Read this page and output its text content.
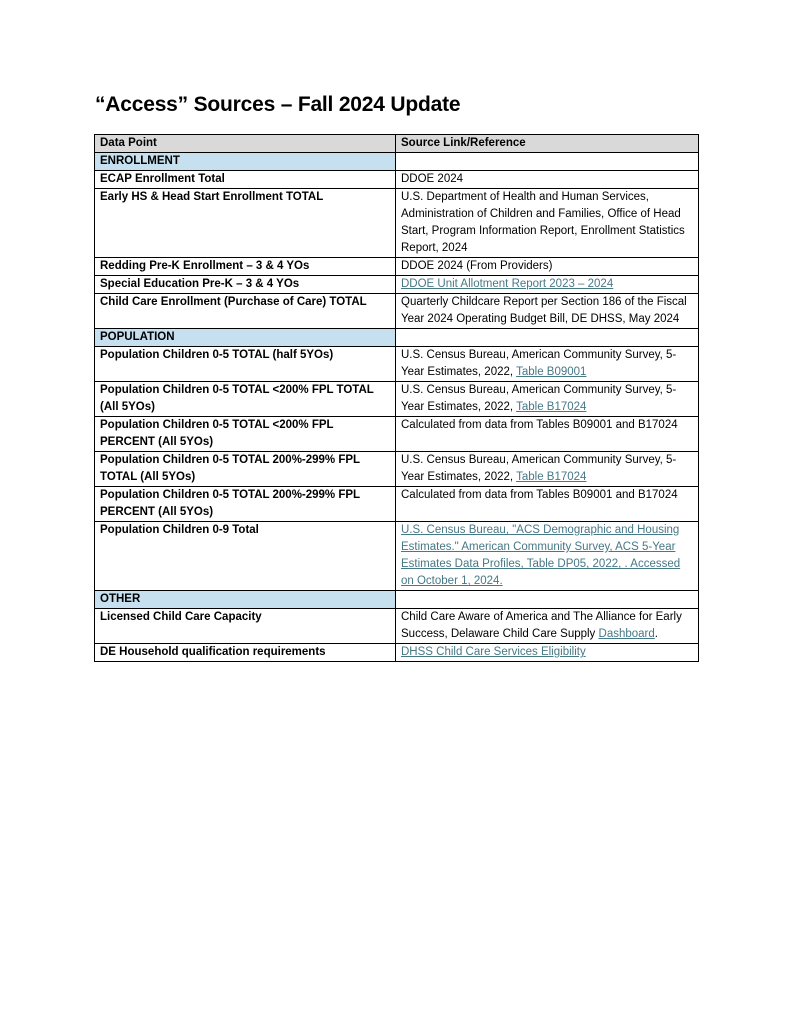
“Access” Sources – Fall 2024 Update
Data Point	Source Link/Reference
ENROLLMENT	
ECAP Enrollment Total	DDOE 2024
Early HS & Head Start Enrollment TOTAL	U.S. Department of Health and Human Services, Administration of Children and Families, Office of Head Start, Program Information Report, Enrollment Statistics Report, 2024
Redding Pre-K Enrollment – 3 & 4 YOs	DDOE 2024 (From Providers)
Special Education Pre-K – 3 & 4 YOs	DDOE Unit Allotment Report 2023 – 2024
Child Care Enrollment (Purchase of Care) TOTAL	Quarterly Childcare Report per Section 186 of the Fiscal Year 2024 Operating Budget Bill, DE DHSS, May 2024
POPULATION	
Population Children 0-5 TOTAL (half 5YOs)	U.S. Census Bureau, American Community Survey, 5-Year Estimates, 2022, Table B09001
Population Children 0-5 TOTAL <200% FPL TOTAL (All 5YOs)	U.S. Census Bureau, American Community Survey, 5-Year Estimates, 2022, Table B17024
Population Children 0-5 TOTAL <200% FPL PERCENT (All 5YOs)	Calculated from data from Tables B09001 and B17024
Population Children 0-5 TOTAL 200%-299% FPL TOTAL (All 5YOs)	U.S. Census Bureau, American Community Survey, 5-Year Estimates, 2022, Table B17024
Population Children 0-5 TOTAL 200%-299% FPL PERCENT (All 5YOs)	Calculated from data from Tables B09001 and B17024
Population Children 0-9 Total	U.S. Census Bureau, "ACS Demographic and Housing Estimates." American Community Survey, ACS 5-Year Estimates Data Profiles, Table DP05, 2022, . Accessed on October 1, 2024.
OTHER	
Licensed Child Care Capacity	Child Care Aware of America and The Alliance for Early Success, Delaware Child Care Supply Dashboard.
DE Household qualification requirements	DHSS Child Care Services Eligibility
